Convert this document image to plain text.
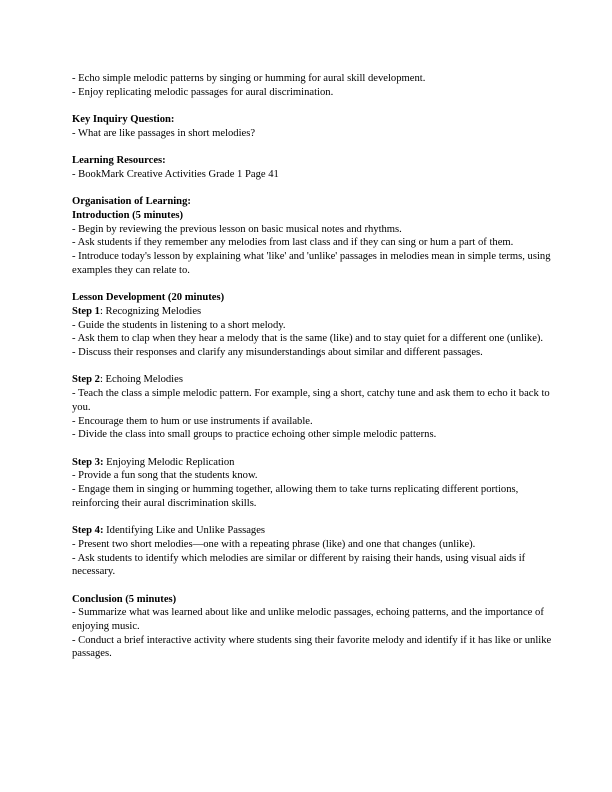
- Echo simple melodic patterns by singing or humming for aural skill development.
- Enjoy replicating melodic passages for aural discrimination.
Key Inquiry Question:
- What are like passages in short melodies?
Learning Resources:
- BookMark Creative Activities Grade 1 Page 41
Organisation of Learning:
Introduction (5 minutes)
- Begin by reviewing the previous lesson on basic musical notes and rhythms.
- Ask students if they remember any melodies from last class and if they can sing or hum a part of them.
- Introduce today's lesson by explaining what 'like' and 'unlike' passages in melodies mean in simple terms, using examples they can relate to.
Lesson Development (20 minutes)
Step 1: Recognizing Melodies
- Guide the students in listening to a short melody.
- Ask them to clap when they hear a melody that is the same (like) and to stay quiet for a different one (unlike).
- Discuss their responses and clarify any misunderstandings about similar and different passages.
Step 2: Echoing Melodies
- Teach the class a simple melodic pattern. For example, sing a short, catchy tune and ask them to echo it back to you.
- Encourage them to hum or use instruments if available.
- Divide the class into small groups to practice echoing other simple melodic patterns.
Step 3: Enjoying Melodic Replication
- Provide a fun song that the students know.
- Engage them in singing or humming together, allowing them to take turns replicating different portions, reinforcing their aural discrimination skills.
Step 4: Identifying Like and Unlike Passages
- Present two short melodies—one with a repeating phrase (like) and one that changes (unlike).
- Ask students to identify which melodies are similar or different by raising their hands, using visual aids if necessary.
Conclusion (5 minutes)
- Summarize what was learned about like and unlike melodic passages, echoing patterns, and the importance of enjoying music.
- Conduct a brief interactive activity where students sing their favorite melody and identify if it has like or unlike passages.
